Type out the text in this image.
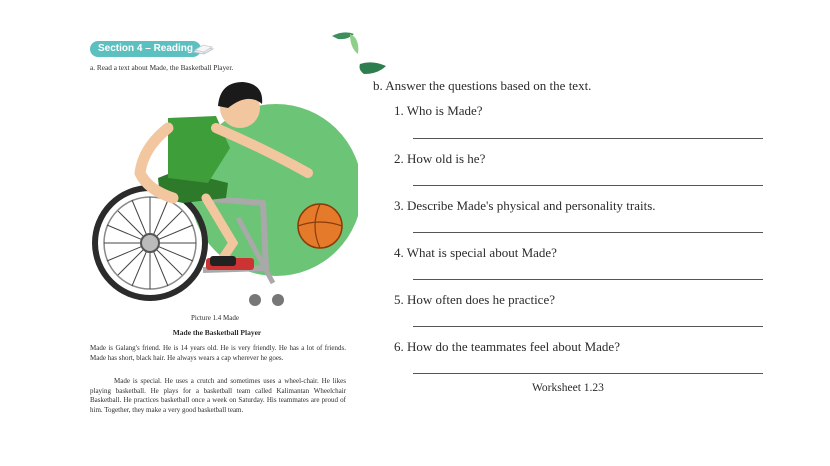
Section 4 – Reading
a. Read a text about Made, the Basketball Player.
Picture 1.4 Made
Made the Basketball Player
Made is Galang's friend. He is 14 years old. He is very friendly. He has a lot of friends. Made has short, black hair. He always wears a cap wherever he goes.
Made is special. He uses a crutch and sometimes uses a wheel-chair. He likes playing basketball. He plays for a basketball team called Kalimantan Wheelchair Basketball. He practices basketball once a week on Saturday. His teammates are proud of him. Together, they make a very good basketball team.
b. Answer the questions based on the text.
1. Who is Made?
2. How old is he?
3. Describe Made's physical and personality traits.
4. What is special about Made?
5. How often does he practice?
6. How do the teammates feel about Made?
Worksheet 1.23
